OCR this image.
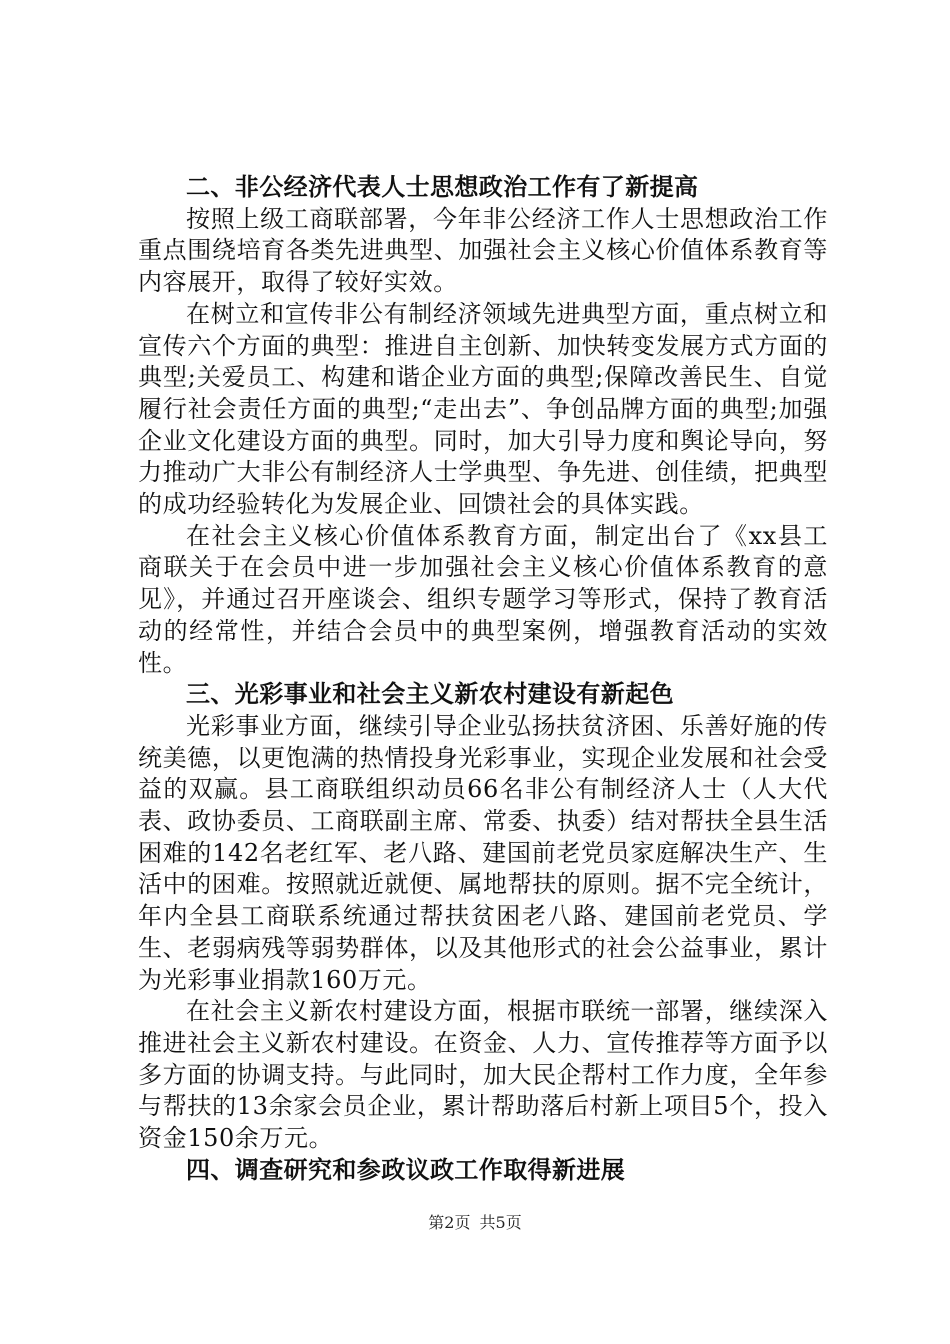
二、非公经济代表人士思想政治工作有了新提高

按照上级工商联部署，今年非公经济工作人士思想政治工作重点围绕培育各类先进典型、加强社会主义核心价值体系教育等内容展开，取得了较好实效。

在树立和宣传非公有制经济领域先进典型方面，重点树立和宣传六个方面的典型：推进自主创新、加快转变发展方式方面的典型;关爱员工、构建和谐企业方面的典型;保障改善民生、自觉履行社会责任方面的典型;“走出去”、争创品牌方面的典型;加强企业文化建设方面的典型。同时，加大引导力度和舆论导向，努力推动广大非公有制经济人士学典型、争先进、创佳绩，把典型的成功经验转化为发展企业、回馈社会的具体实践。

在社会主义核心价值体系教育方面，制定出台了《xx县工商联关于在会员中进一步加强社会主义核心价值体系教育的意见》，并通过召开座谈会、组织专题学习等形式，保持了教育活动的经常性，并结合会员中的典型案例，增强教育活动的实效性。

三、光彩事业和社会主义新农村建设有新起色

光彩事业方面，继续引导企业弘扬扶贫济困、乐善好施的传统美德，以更饱满的热情投身光彩事业，实现企业发展和社会受益的双赢。县工商联组织动员66名非公有制经济人士（人大代表、政协委员、工商联副主席、常委、执委）结对帮扶全县生活困难的142名老红军、老八路、建国前老党员家庭解决生产、生活中的困难。按照就近就便、属地帮扶的原则。据不完全统计，年内全县工商联系统通过帮扶贫困老八路、建国前老党员、学生、老弱病残等弱势群体，以及其他形式的社会公益事业，累计为光彩事业捐款160万元。

在社会主义新农村建设方面，根据市联统一部署，继续深入推进社会主义新农村建设。在资金、人力、宣传推荐等方面予以多方面的协调支持。与此同时，加大民企帮村工作力度，全年参与帮扶的13余家会员企业，累计帮助落后村新上项目5个，投入资金150余万元。

四、调查研究和参政议政工作取得新进展

第2页 共5页
